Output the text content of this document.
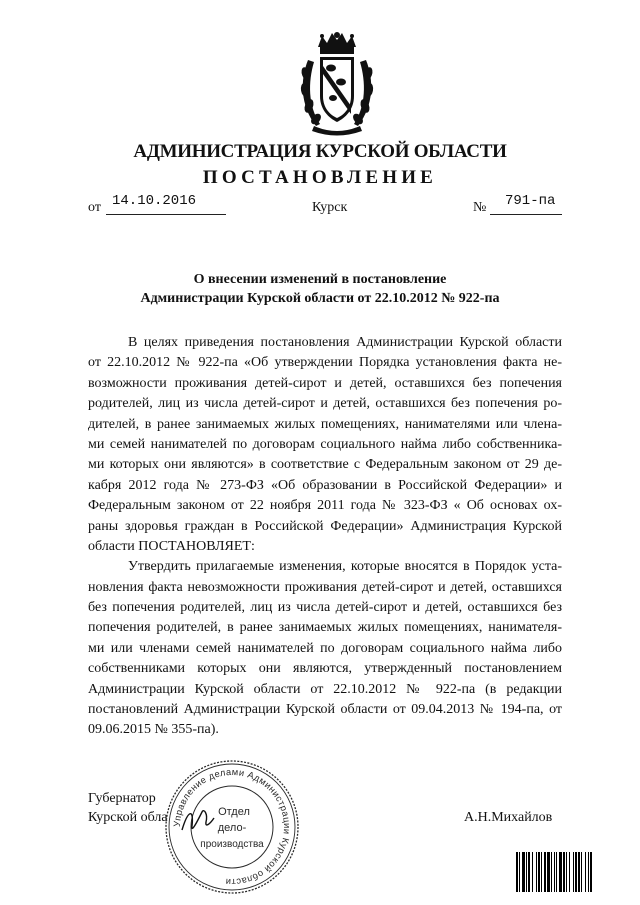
АДМИНИСТРАЦИЯ КУРСКОЙ ОБЛАСТИ
ПОСТАНОВЛЕНИЕ
от 14.10.2016	Курск	№ 791-па
О внесении изменений в постановление
Администрации Курской области от 22.10.2012 № 922-па
В целях приведения постановления Администрации Курской области
от 22.10.2012 № 922-па «Об утверждении Порядка установления факта не-
возможности проживания детей-сирот и детей, оставшихся без попечения
родителей, лиц из числа детей-сирот и детей, оставшихся без попечения ро-
дителей, в ранее занимаемых жилых помещениях, нанимателями или члена-
ми семей нанимателей по договорам социального найма либо собственника-
ми которых они являются» в соответствие с Федеральным законом от 29 де-
кабря 2012 года № 273-ФЗ «Об образовании в Российской Федерации» и
Федеральным законом от 22 ноября 2011 года № 323-ФЗ « Об основах ох-
раны здоровья граждан в Российской Федерации» Администрация Курской
области ПОСТАНОВЛЯЕТ:
Утвердить прилагаемые изменения, которые вносятся в Порядок уста-
новления факта невозможности проживания детей-сирот и детей, оставшихся
без попечения родителей, лиц из числа детей-сирот и детей, оставшихся без
попечения родителей, в ранее занимаемых жилых помещениях, нанимателя-
ми или членами семей нанимателей по договорам социального найма либо
собственниками которых они являются, утвержденный постановлением
Администрации Курской области от 22.10.2012 № 922-па (в редакции
постановлений Администрации Курской области от 09.04.2013 № 194-па, от
09.06.2015 № 355-па).
Губернатор
Курской обла	А.Н.Михайлов
Управление делами Администрации Курской области
Отдел
дело-
производства
